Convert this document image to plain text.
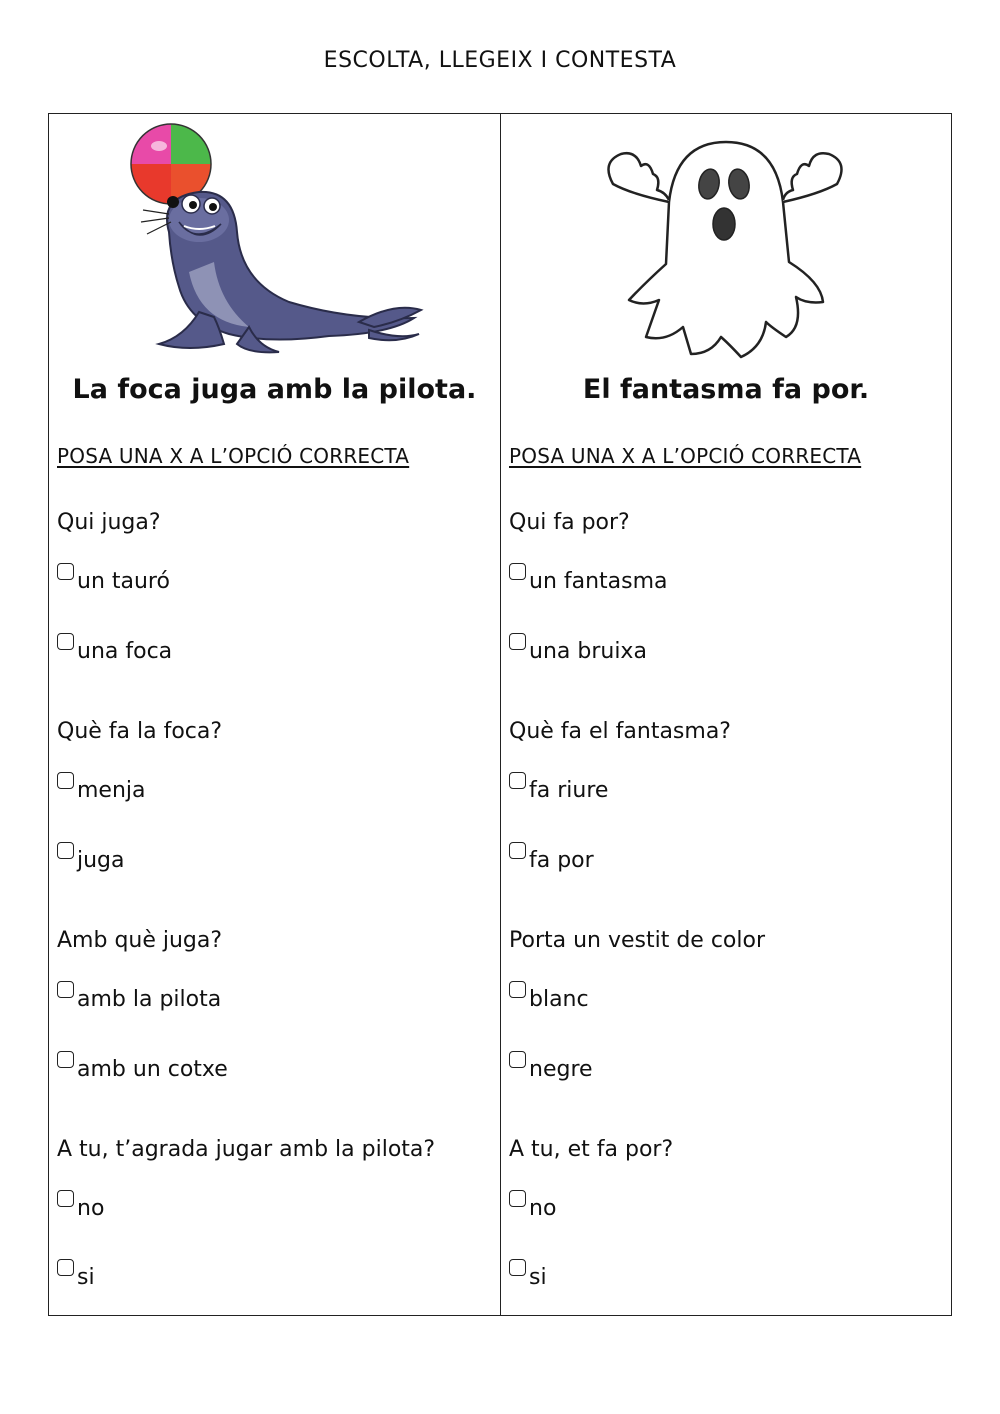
ESCOLTA, LLEGEIX I CONTESTA
La foca juga amb la pilota.
POSA UNA X A L’OPCIÓ CORRECTA
Qui juga?
un tauró
una foca
Què fa la foca?
menja
juga
Amb què juga?
amb la pilota
amb un cotxe
A tu, t’agrada jugar amb la pilota?
no
si
El fantasma fa por.
POSA UNA X A L’OPCIÓ CORRECTA
Qui fa por?
un fantasma
una bruixa
Què fa el fantasma?
fa riure
fa por
Porta un vestit de color
blanc
negre
A tu, et fa por?
no
si
